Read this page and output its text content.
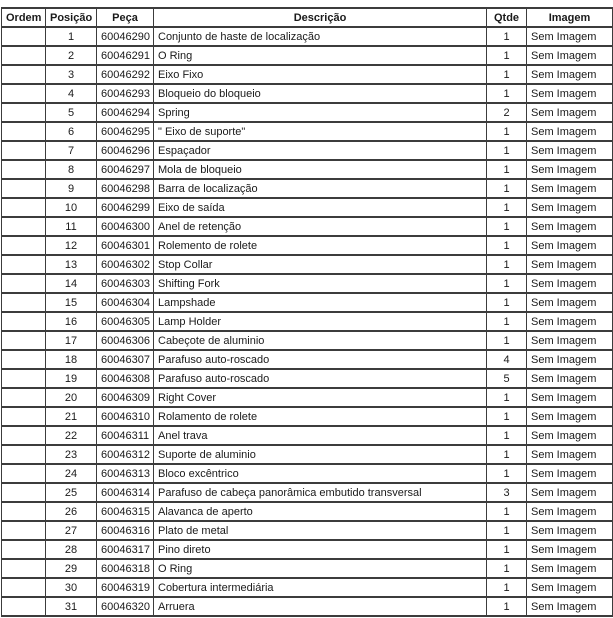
Ordem	Posição	Peça	Descrição	Qtde	Imagem
	1	60046290	Conjunto de haste de localização	1	Sem Imagem
	2	60046291	O Ring	1	Sem Imagem
	3	60046292	Eixo Fixo	1	Sem Imagem
	4	60046293	Bloqueio do bloqueio	1	Sem Imagem
	5	60046294	Spring	2	Sem Imagem
	6	60046295	" Eixo de suporte"	1	Sem Imagem
	7	60046296	Espaçador	1	Sem Imagem
	8	60046297	Mola de bloqueio	1	Sem Imagem
	9	60046298	Barra de localização	1	Sem Imagem
	10	60046299	Eixo de saída	1	Sem Imagem
	11	60046300	Anel de retenção	1	Sem Imagem
	12	60046301	Rolemento de rolete	1	Sem Imagem
	13	60046302	Stop Collar	1	Sem Imagem
	14	60046303	Shifting Fork	1	Sem Imagem
	15	60046304	Lampshade	1	Sem Imagem
	16	60046305	Lamp Holder	1	Sem Imagem
	17	60046306	Cabeçote de aluminio	1	Sem Imagem
	18	60046307	Parafuso auto-roscado	4	Sem Imagem
	19	60046308	Parafuso auto-roscado	5	Sem Imagem
	20	60046309	Right Cover	1	Sem Imagem
	21	60046310	Rolamento de rolete	1	Sem Imagem
	22	60046311	Anel trava	1	Sem Imagem
	23	60046312	Suporte de aluminio	1	Sem Imagem
	24	60046313	Bloco excêntrico	1	Sem Imagem
	25	60046314	Parafuso de cabeça panorâmica embutido transversal	3	Sem Imagem
	26	60046315	Alavanca de aperto	1	Sem Imagem
	27	60046316	Plato de metal	1	Sem Imagem
	28	60046317	Pino direto	1	Sem Imagem
	29	60046318	O Ring	1	Sem Imagem
	30	60046319	Cobertura intermediária	1	Sem Imagem
	31	60046320	Arruera	1	Sem Imagem
